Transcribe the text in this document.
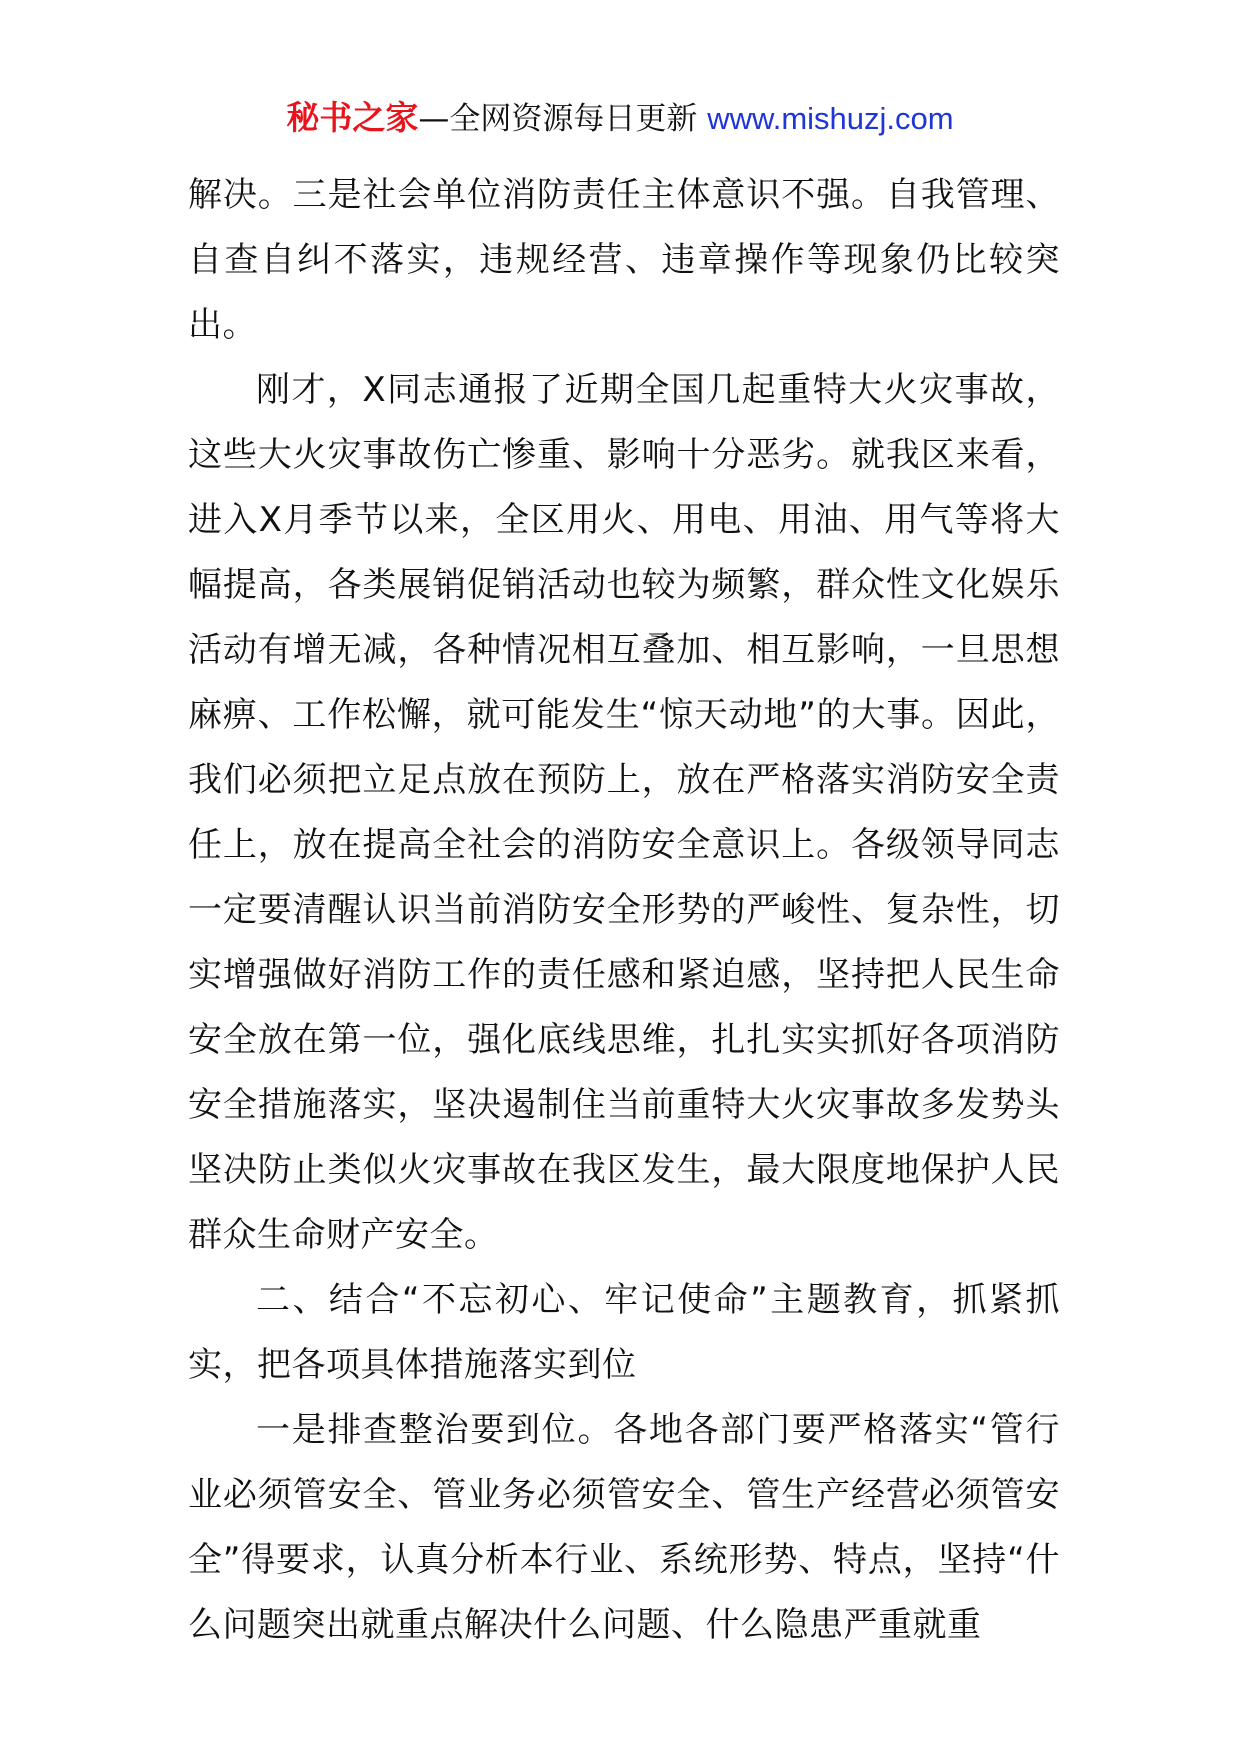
秘书之家—全网资源每日更新 www.mishuzj.com

解决。三是社会单位消防责任主体意识不强。自我管理、自查自纠不落实，违规经营、违章操作等现象仍比较突出。

刚才，X同志通报了近期全国几起重特大火灾事故，这些大火灾事故伤亡惨重、影响十分恶劣。就我区来看，进入X月季节以来，全区用火、用电、用油、用气等将大幅提高，各类展销促销活动也较为频繁，群众性文化娱乐活动有增无减，各种情况相互叠加、相互影响，一旦思想麻痹、工作松懈，就可能发生“惊天动地”的大事。因此，我们必须把立足点放在预防上，放在严格落实消防安全责任上，放在提高全社会的消防安全意识上。各级领导同志一定要清醒认识当前消防安全形势的严峻性、复杂性，切实增强做好消防工作的责任感和紧迫感，坚持把人民生命安全放在第一位，强化底线思维，扎扎实实抓好各项消防安全措施落实，坚决遏制住当前重特大火灾事故多发势头坚决防止类似火灾事故在我区发生，最大限度地保护人民群众生命财产安全。

二、结合“不忘初心、牢记使命”主题教育，抓紧抓实，把各项具体措施落实到位

一是排查整治要到位。各地各部门要严格落实“管行业必须管安全、管业务必须管安全、管生产经营必须管安全”得要求，认真分析本行业、系统形势、特点，坚持“什么问题突出就重点解决什么问题、什么隐患严重就重
